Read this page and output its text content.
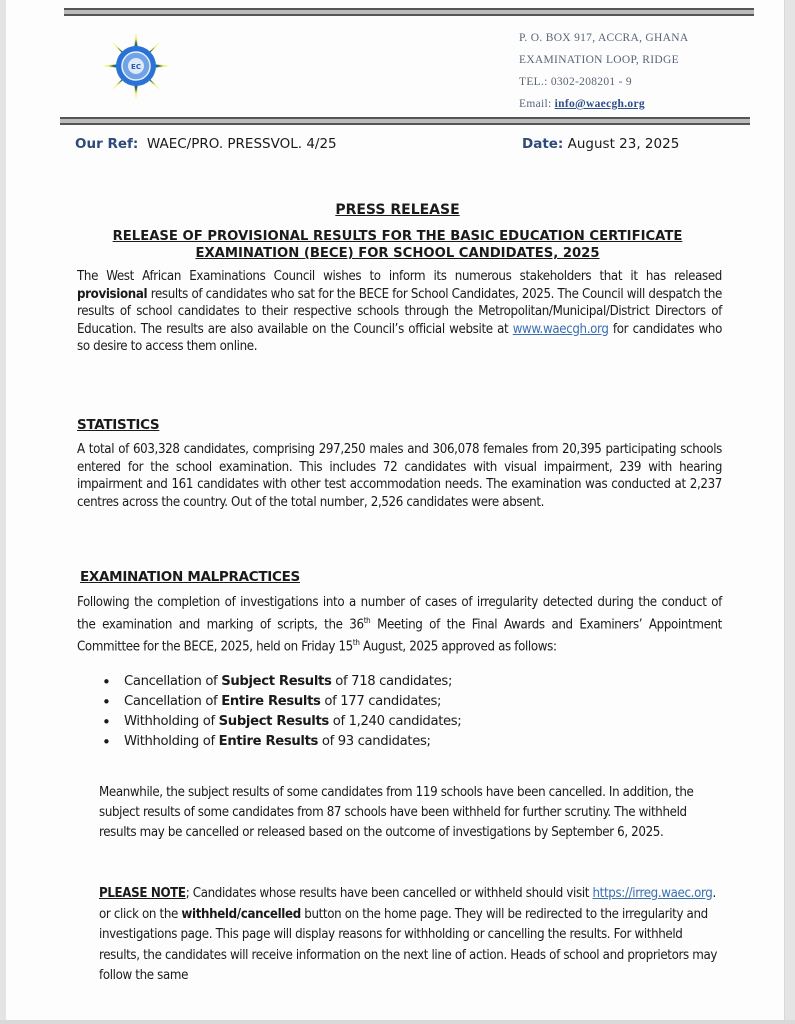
EC
P. O. BOX 917, ACCRA, GHANA
EXAMINATION LOOP, RIDGE
TEL.: 0302-208201 - 9
Email: info@waecgh.org
Our Ref: WAEC/PRO. PRESSVOL. 4/25	Date: August 23, 2025
PRESS RELEASE
RELEASE OF PROVISIONAL RESULTS FOR THE BASIC EDUCATION CERTIFICATE
EXAMINATION (BECE) FOR SCHOOL CANDIDATES, 2025
The West African Examinations Council wishes to inform its numerous stakeholders that it has released provisional results of candidates who sat for the BECE for School Candidates, 2025. The Council will despatch the results of school candidates to their respective schools through the Metropolitan/Municipal/District Directors of Education. The results are also available on the Council’s official website at www.waecgh.org for candidates who so desire to access them online.
STATISTICS
A total of 603,328 candidates, comprising 297,250 males and 306,078 females from 20,395 participating schools entered for the school examination. This includes 72 candidates with visual impairment, 239 with hearing impairment and 161 candidates with other test accommodation needs. The examination was conducted at 2,237 centres across the country. Out of the total number, 2,526 candidates were absent.
EXAMINATION MALPRACTICES
Following the completion of investigations into a number of cases of irregularity detected during the conduct of the examination and marking of scripts, the 36th Meeting of the Final Awards and Examiners’ Appointment Committee for the BECE, 2025, held on Friday 15th August, 2025 approved as follows:
• Cancellation of Subject Results of 718 candidates;
• Cancellation of Entire Results of 177 candidates;
• Withholding of Subject Results of 1,240 candidates;
• Withholding of Entire Results of 93 candidates;
Meanwhile, the subject results of some candidates from 119 schools have been cancelled. In addition, the subject results of some candidates from 87 schools have been withheld for further scrutiny. The withheld results may be cancelled or released based on the outcome of investigations by September 6, 2025.
PLEASE NOTE; Candidates whose results have been cancelled or withheld should visit https://irreg.waec.org. or click on the withheld/cancelled button on the home page. They will be redirected to the irregularity and investigations page. This page will display reasons for withholding or cancelling the results. For withheld results, the candidates will receive information on the next line of action. Heads of school and proprietors may follow the same
